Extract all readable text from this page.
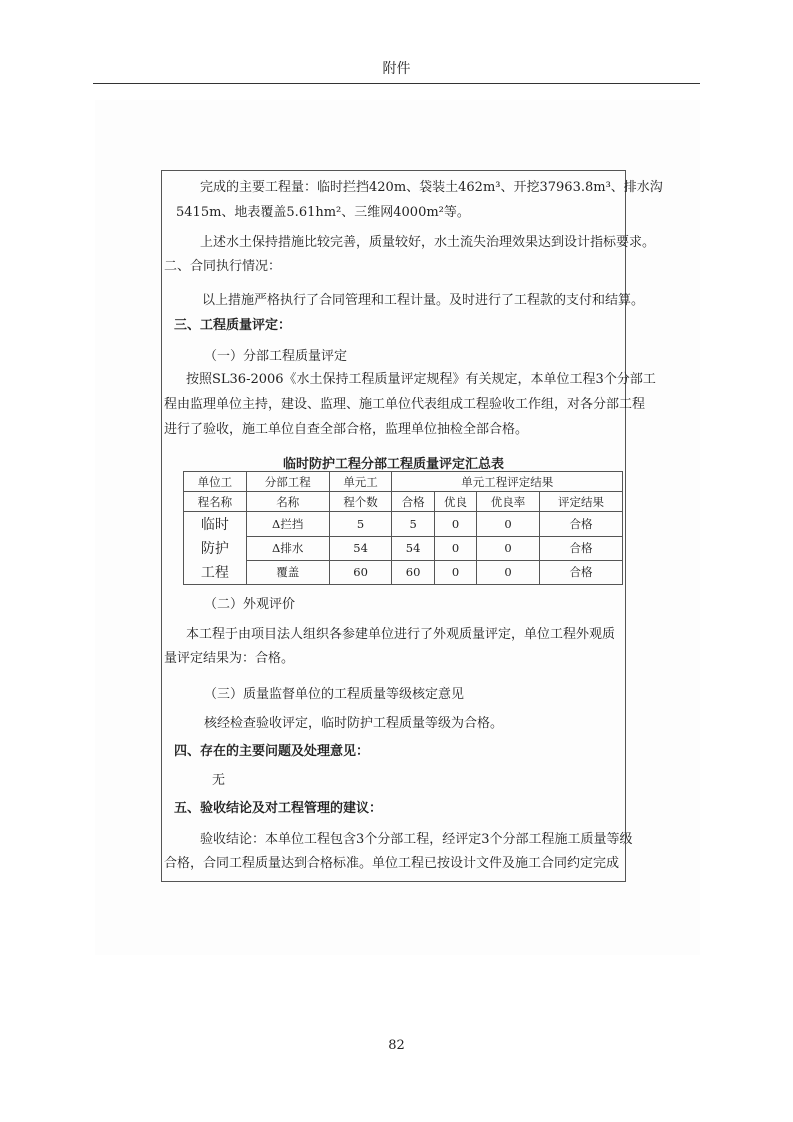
附件
完成的主要工程量：临时拦挡420m、袋装土462m³、开挖37963.8m³、排水沟
5415m、地表覆盖5.61hm²、三维网4000m²等。
上述水土保持措施比较完善，质量较好，水土流失治理效果达到设计指标要求。
二、合同执行情况：
以上措施严格执行了合同管理和工程计量。及时进行了工程款的支付和结算。
三、工程质量评定：
（一）分部工程质量评定
按照SL36-2006《水土保持工程质量评定规程》有关规定，本单位工程3个分部工
程由监理单位主持，建设、监理、施工单位代表组成工程验收工作组，对各分部工程
进行了验收，施工单位自查全部合格，监理单位抽检全部合格。
临时防护工程分部工程质量评定汇总表
单位工	分部工程	单元工	单元工程评定结果			
程名称	名称	程个数	合格	优良	优良率	评定结果
临时	Δ拦挡	5	5	0	0	合格
防护	Δ排水	54	54	0	0	合格
工程	覆盖	60	60	0	0	合格
（二）外观评价
本工程于由项目法人组织各参建单位进行了外观质量评定，单位工程外观质
量评定结果为：合格。
（三）质量监督单位的工程质量等级核定意见
核经检查验收评定，临时防护工程质量等级为合格。
四、存在的主要问题及处理意见：
无
五、验收结论及对工程管理的建议：
验收结论：本单位工程包含3个分部工程，经评定3个分部工程施工质量等级
合格，合同工程质量达到合格标准。单位工程已按设计文件及施工合同约定完成
82
